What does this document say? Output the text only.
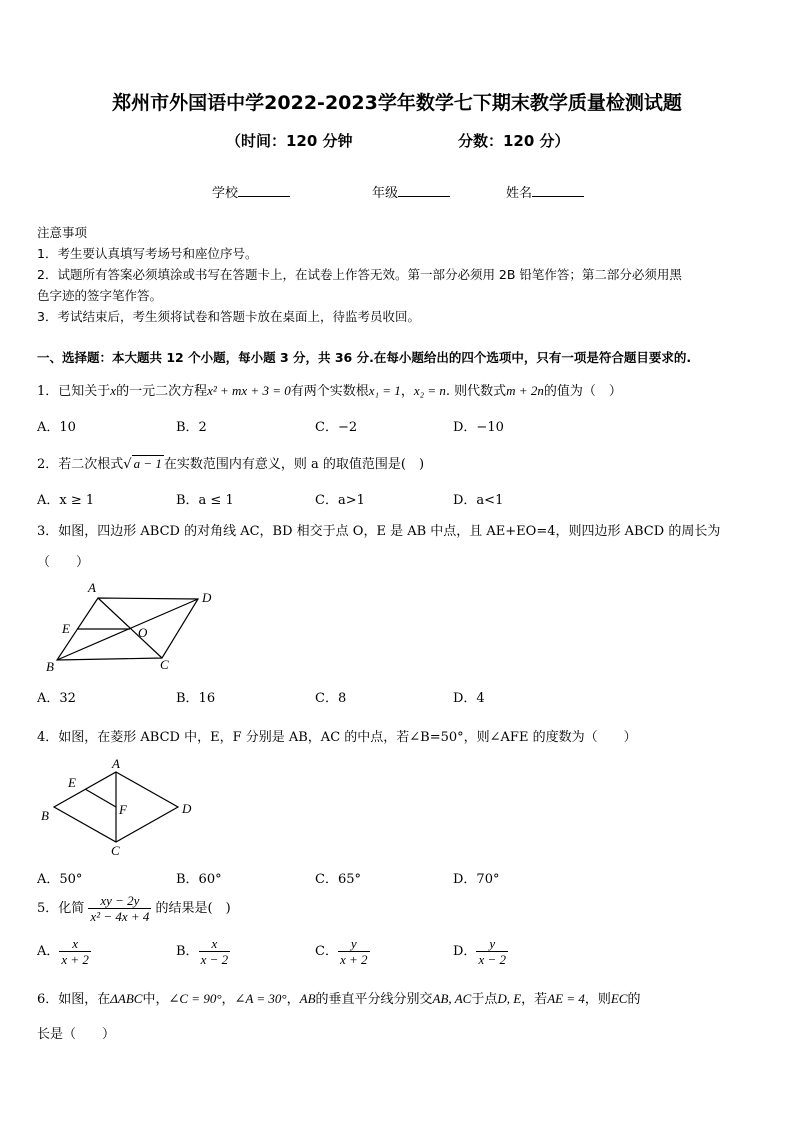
郑州市外国语中学2022-2023学年数学七下期末教学质量检测试题
（时间：120 分钟	分数：120 分）
学校	年级	姓名
注意事项
1．考生要认真填写考场号和座位序号。
2．试题所有答案必须填涂或书写在答题卡上，在试卷上作答无效。第一部分必须用 2B 铅笔作答；第二部分必须用黑
色字迹的签字笔作答。
3．考试结束后，考生须将试卷和答题卡放在桌面上，待监考员收回。
一、选择题：本大题共 12 个小题，每小题 3 分，共 36 分.在每小题给出的四个选项中，只有一项是符合题目要求的.
1．已知关于x的一元二次方程x² + mx + 3 = 0有两个实数根x₁ = 1，x₂ = n. 则代数式m + 2n的值为（　）
A．10	B．2	C．−2	D．−10
2．若二次根式√ a − 1 在实数范围内有意义，则 a 的取值范围是(　)
A．x ≥ 1	B．a ≤ 1	C．a>1	D．a<1
3．如图，四边形 ABCD 的对角线 AC，BD 相交于点 O，E 是 AB 中点，且 AE+EO=4，则四边形 ABCD 的周长为
（　　）
A
D
E	O
B	C
A．32	B．16	C．8	D．4
4．如图，在菱形 ABCD 中，E，F 分别是 AB，AC 的中点，若∠B=50°，则∠AFE 的度数为（　　）
A
E
F	D
B
C
A．50°	B．60°	C．65°	D．70°
5．化简 $\frac{xy - 2y}{\text{x² − 4x + 4}}$ 的结果是(　)
A． $\frac{x}{x + 2}$	B． $\frac{x}{x - 2}$	C． $\frac{y}{x + 2}$	D． $\frac{y}{x - 2}$
6．如图，在ΔABC中，∠C = 90°，∠A = 30°，AB的垂直平分线分别交AB, AC于点D, E，若AE = 4，则EC的
长是（　　）
